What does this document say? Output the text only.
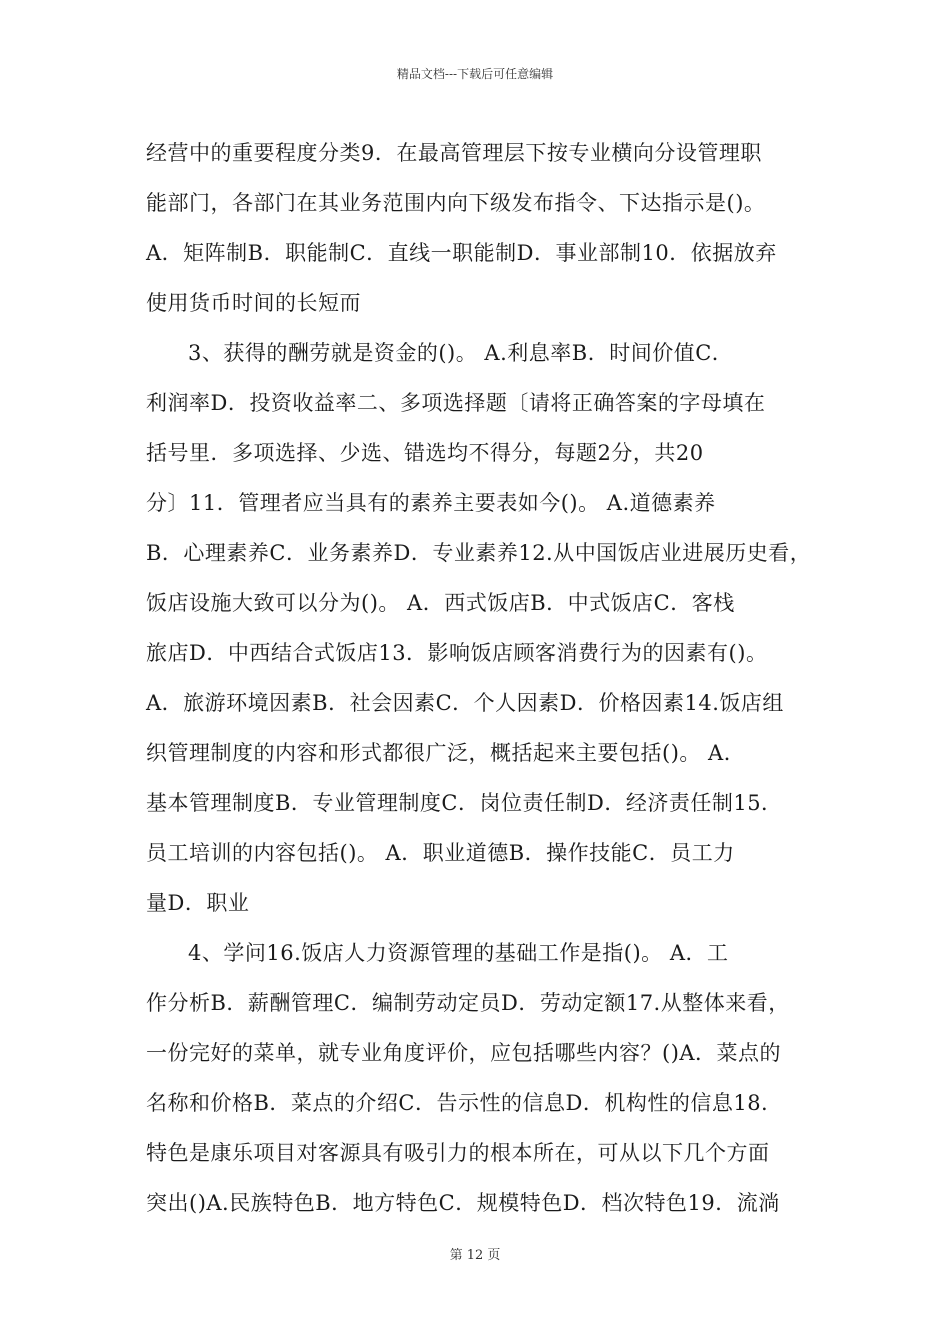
精品文档---下载后可任意编辑
经营中的重要程度分类9．在最高管理层下按专业横向分设管理职
能部门，各部门在其业务范围内向下级发布指令、下达指示是()。
A．矩阵制B．职能制C．直线一职能制D．事业部制10．依据放弃
使用货币时间的长短而
3、获得的酬劳就是资金的()。 A.利息率B．时间价值C．
利润率D．投资收益率二、多项选择题〔请将正确答案的字母填在
括号里．多项选择、少选、错选均不得分，每题2分，共20
分〕11．管理者应当具有的素养主要表如今()。 A.道德素养
B．心理素养C．业务素养D．专业素养12.从中国饭店业进展历史看，
饭店设施大致可以分为()。 A．西式饭店B．中式饭店C．客栈
旅店D．中西结合式饭店13．影响饭店顾客消费行为的因素有()。
A．旅游环境因素B．社会因素C．个人因素D．价格因素14.饭店组
织管理制度的内容和形式都很广泛，概括起来主要包括()。 A．
基本管理制度B．专业管理制度C．岗位责任制D．经济责任制15．
员工培训的内容包括()。 A．职业道德B．操作技能C．员工力
量D．职业
4、学问16.饭店人力资源管理的基础工作是指()。 A．工
作分析B．薪酬管理C．编制劳动定员D．劳动定额17.从整体来看，
一份完好的菜单，就专业角度评价，应包括哪些内容？()A．菜点的
名称和价格B．菜点的介绍C．告示性的信息D．机构性的信息18.
特色是康乐项目对客源具有吸引力的根本所在，可从以下几个方面
突出()A.民族特色B．地方特色C．规模特色D．档次特色19．流淌
第 12 页
